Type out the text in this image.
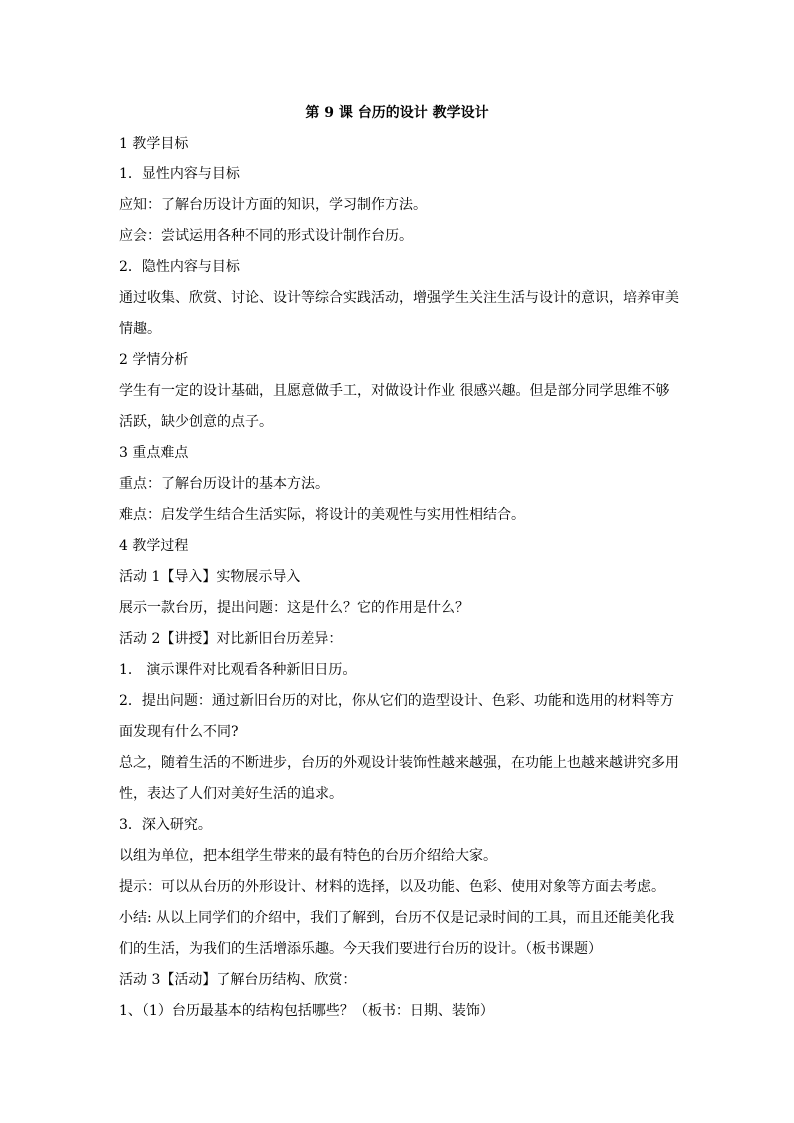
第 9 课 台历的设计 教学设计
1 教学目标
1．显性内容与目标
应知：了解台历设计方面的知识，学习制作方法。
应会：尝试运用各种不同的形式设计制作台历。
2．隐性内容与目标
通过收集、欣赏、讨论、设计等综合实践活动，增强学生关注生活与设计的意识，培养审美
情趣。
2 学情分析
学生有一定的设计基础，且愿意做手工，对做设计作业 很感兴趣。但是部分同学思维不够
活跃，缺少创意的点子。
3 重点难点
重点：了解台历设计的基本方法。
难点：启发学生结合生活实际，将设计的美观性与实用性相结合。
4 教学过程
活动 1【导入】实物展示导入
展示一款台历，提出问题：这是什么？它的作用是什么？
活动 2【讲授】对比新旧台历差异：
1． 演示课件对比观看各种新旧日历。
2．提出问题：通过新旧台历的对比，你从它们的造型设计、色彩、功能和选用的材料等方
面发现有什么不同?
总之，随着生活的不断进步，台历的外观设计装饰性越来越强，在功能上也越来越讲究多用
性，表达了人们对美好生活的追求。
3．深入研究。
以组为单位，把本组学生带来的最有特色的台历介绍给大家。
提示：可以从台历的外形设计、材料的选择，以及功能、色彩、使用对象等方面去考虑。
小结: 从以上同学们的介绍中，我们了解到，台历不仅是记录时间的工具，而且还能美化我
们的生活，为我们的生活增添乐趣。今天我们要进行台历的设计。（板书课题）
活动 3【活动】了解台历结构、欣赏：
1、（1）台历最基本的结构包括哪些？（板书：日期、装饰）
